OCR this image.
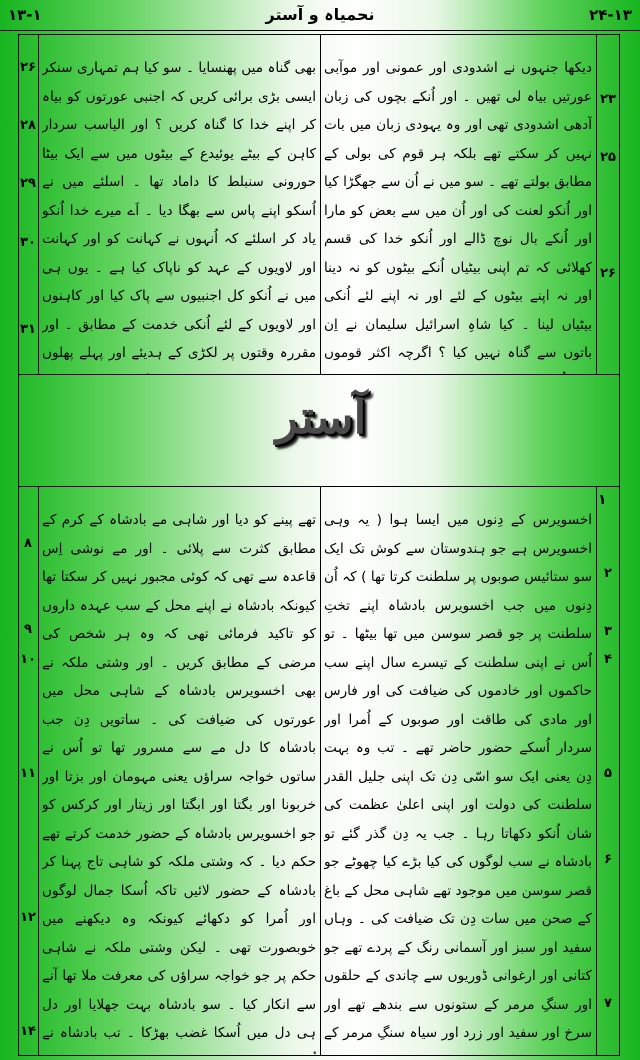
۱۳-۱	نحمیاہ و آستر	۲۴-۱۳

دیکھا جنہوں نے اشدودی اور عمونی اور موآبی عورتیں بیاہ لی تھیں ۔ اور اُنکے بچوں کی زبان آدھی اشدودی تھی اور وہ یہودی زبان میں بات نہیں کر سکتے تھے بلکہ ہر قوم کی بولی کے مطابق بولتے تھے ۔ سو میں نے اُن سے جھگڑا کیا اور اُنکو لعنت کی اور اُن میں سے بعض کو مارا اور اُنکے بال نوچ ڈالے اور اُنکو خدا کی قسم کھلائی کہ تم اپنی بیٹیاں اُنکے بیٹوں کو نہ دینا اور نہ اپنے بیٹوں کے لئے اور نہ اپنے لئے اُنکی بیٹیاں لینا ۔ کیا شاہِ اسرائیل سلیمان نے اِن باتوں سے گناہ نہیں کیا ؟ اگرچہ اکثر قوموں

بھی گناہ میں پھنسایا ۔ سو کیا ہم تمہاری سنکر ایسی بڑی برائی کریں کہ اجنبی عورتوں کو بیاہ کر اپنے خدا کا گناہ کریں ؟ اور الیاسب سردار کاہن کے بیٹے یوئیدع کے بیٹوں میں سے ایک بیٹا حورونی سنبلط کا داماد تھا ۔ اسلئے میں نے اُسکو اپنے پاس سے بھگا دیا ۔ اَے میرے خدا اُنکو یاد کر اسلئے کہ اُنہوں نے کہانت کو اور کہانت اور لاویوں کے عہد کو ناپاک کیا ہے ۔ یوں ہی میں نے اُنکو کل اجنبیوں سے پاک کیا اور کاہنوں اور لاویوں کے لئے اُنکی خدمت کے مطابق ۔ اور مقررہ وقتوں پر لکڑی کے ہدیئے اور پہلے پھلوں

۲۶
۲۸
۲۹
۳۰
۳۱
۲۳
۲۵
۲۶
آستر
۱

اخسویرس کے دِنوں میں ایسا ہوا ( یہ وہی اخسویرس ہے جو ہندوستان سے کوش تک ایک سو ستائیس صوبوں پر سلطنت کرتا تھا ) کہ اُن دِنوں میں جب اخسویرس بادشاہ اپنے تختِ سلطنت پر جو قصر سوسن میں تھا بیٹھا ۔ تو اُس نے اپنی سلطنت کے تیسرے سال اپنے سب حاکموں اور خادموں کی ضیافت کی اور فارس اور مادی کی طاقت اور صوبوں کے اُمرا اور سردار اُسکے حضور حاضر تھے ۔ تب وہ بہت دِن یعنی ایک سو اسّی دِن تک اپنی جلیل القدر سلطنت کی دولت اور اپنی اعلیٰ عظمت کی شان اُنکو دکھاتا رہا ۔ جب یہ دِن گذر گئے تو بادشاہ نے سب لوگوں کی کیا بڑے کیا چھوٹے جو قصر سوسن میں موجود تھے شاہی محل کے باغ کے صحن میں سات دِن تک ضیافت کی ۔ وہاں سفید اور سبز اور آسمانی رنگ کے پردے تھے جو کتانی اور ارغوانی ڈوریوں سے چاندی کے حلقوں اور سنگِ مرمر کے ستونوں سے بندھے تھے اور سرخ اور سفید اور زرد اور سیاہ سنگِ مرمر کے

تھے پینے کو دیا اور شاہی مے بادشاہ کے کرم کے مطابق کثرت سے پلائی ۔ اور مے نوشی اِس قاعدہ سے تھی کہ کوئی مجبور نہیں کر سکتا تھا کیونکہ بادشاہ نے اپنے محل کے سب عہدہ داروں کو تاکید فرمائی تھی کہ وہ ہر شخص کی مرضی کے مطابق کریں ۔ اور وشتی ملکہ نے بھی اخسویرس بادشاہ کے شاہی محل میں عورتوں کی ضیافت کی ۔ ساتویں دِن جب بادشاہ کا دل مے سے مسرور تھا تو اُس نے ساتوں خواجہ سراؤں یعنی مہومان اور بزتا اور خربونا اور بگتا اور ابگتا اور زیتار اور کرکس کو جو اخسویرس بادشاہ کے حضور خدمت کرتے تھے حکم دیا ۔ کہ وشتی ملکہ کو شاہی تاج پہنا کر بادشاہ کے حضور لائیں تاکہ اُسکا جمال لوگوں اور اُمرا کو دکھائے کیونکہ وہ دیکھنے میں خوبصورت تھی ۔ لیکن وشتی ملکہ نے شاہی حکم پر جو خواجہ سراؤں کی معرفت ملا تھا آنے سے انکار کیا ۔ سو بادشاہ بہت جھلایا اور دل ہی دل میں اُسکا غضب بھڑکا ۔ تب بادشاہ نے

۸
۹
۱۰
۱۱
۱۲
۱۴
۲
۳
۴
۵
۶
۷
